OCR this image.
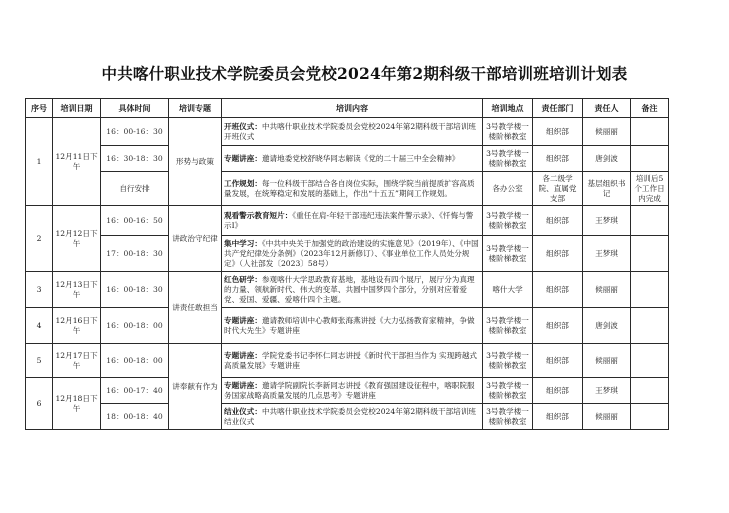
中共喀什职业技术学院委员会党校2024年第2期科级干部培训班培训计划表
序号	培训日期	具体时间	培训专题	培训内容	培训地点	责任部门	责任人	备注
1	12月11日下午	16：00-16：30	形势与政策	开班仪式：中共喀什职业技术学院委员会党校2024年第2期科级干部培训班开班仪式	3号教学楼一楼阶梯教室	组织部	候丽丽	
		16：30-18：30		专题讲座：邀请地委党校舒晓华同志解读《党的二十届三中全会精神》	3号教学楼一楼阶梯教室	组织部	唐剑波	
		自行安排		工作规划：每一位科级干部结合各自岗位实际，围绕学院当前提质扩容高质量发展，在统筹稳定和发展的基础上，作出“十五五”期间工作规划。	各办公室	各二级学院、直属党支部	基层组织书记	培训后5个工作日内完成
2	12月12日下午	16：00-16：50	讲政治守纪律	观看警示教育短片：《重任在肩-年轻干部违纪违法案件警示录》、《忏悔与警示Ⅰ》	3号教学楼一楼阶梯教室	组织部	王梦琪	
		17：00-18：30		集中学习：《中共中央关于加强党的政治建设的实施意见》（2019年）、《中国共产党纪律处分条例》（2023年12月新修订）、《事业单位工作人员处分规定》（人社部发〔2023〕58号）	3号教学楼一楼阶梯教室	组织部	王梦琪	
3	12月13日下午	16：00-18：30	讲责任敢担当	红色研学：参观喀什大学思政教育基地，基地设有四个展厅，展厅分为真理的力量、领航新时代、伟大的变革、共圆中国梦四个部分，分别对应着爱党、爱国、爱疆、爱喀什四个主题。	喀什大学	组织部	候丽丽	
4	12月16日下午	16：00-18：00		专题讲座：邀请教师培训中心教师张海燕讲授《大力弘扬教育家精神，争做时代大先生》专题讲座	3号教学楼一楼阶梯教室	组织部	唐剑波	
5	12月17日下午	16：00-18：00	讲奉献有作为	专题讲座：学院党委书记李怀仁同志讲授《新时代干部担当作为 实现跨越式高质量发展》专题讲座	3号教学楼一楼阶梯教室	组织部	候丽丽	
6	12月18日下午	16：00-17：40		专题讲座：邀请学院副院长李新同志讲授《教育强国建设征程中，喀职院服务国家战略高质量发展的几点思考》专题讲座	3号教学楼一楼阶梯教室	组织部	王梦琪	
		18：00-18：40		结业仪式：中共喀什职业技术学院委员会党校2024年第2期科级干部培训班结业仪式	3号教学楼一楼阶梯教室	组织部	候丽丽	
